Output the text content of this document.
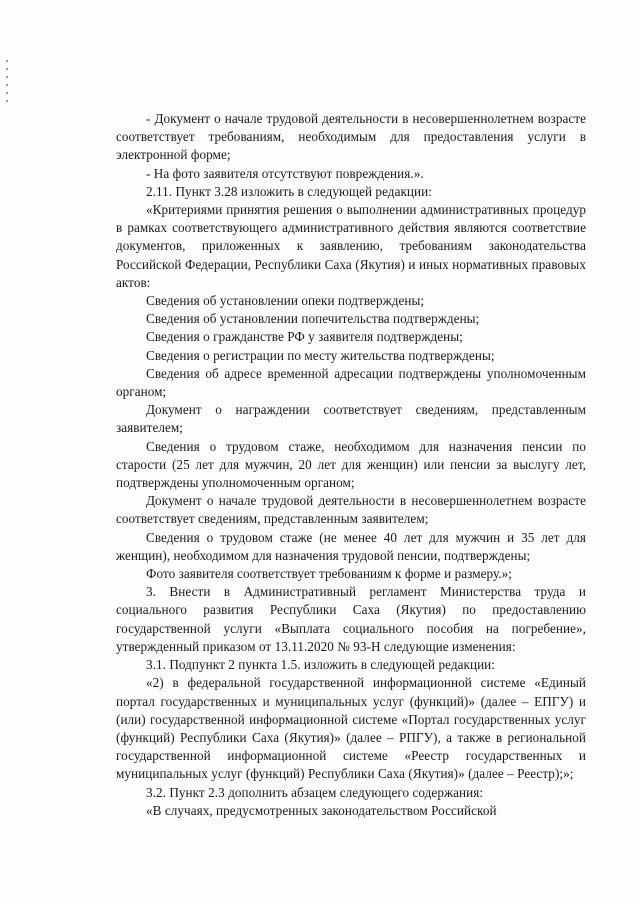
- Документ о начале трудовой деятельности в несовершеннолетнем возрасте соответствует требованиям, необходимым для предоставления услуги в электронной форме;

- На фото заявителя отсутствуют повреждения.».

2.11. Пункт 3.28 изложить в следующей редакции:

«Критериями принятия решения о выполнении административных процедур в рамках соответствующего административного действия являются соответствие документов, приложенных к заявлению, требованиям законодательства Российской Федерации, Республики Саха (Якутия) и иных нормативных правовых актов:

Сведения об установлении опеки подтверждены;

Сведения об установлении попечительства подтверждены;

Сведения о гражданстве РФ у заявителя подтверждены;

Сведения о регистрации по месту жительства подтверждены;

Сведения об адресе временной адресации подтверждены уполномоченным органом;

Документ о награждении соответствует сведениям, представленным заявителем;

Сведения о трудовом стаже, необходимом для назначения пенсии по старости (25 лет для мужчин, 20 лет для женщин) или пенсии за выслугу лет, подтверждены уполномоченным органом;

Документ о начале трудовой деятельности в несовершеннолетнем возрасте соответствует сведениям, представленным заявителем;

Сведения о трудовом стаже (не менее 40 лет для мужчин и 35 лет для женщин), необходимом для назначения трудовой пенсии, подтверждены;

Фото заявителя соответствует требованиям к форме и размеру.»;

3. Внести в Административный регламент Министерства труда и социального развития Республики Саха (Якутия) по предоставлению государственной услуги «Выплата социального пособия на погребение», утвержденный приказом от 13.11.2020 № 93-Н следующие изменения:

3.1. Подпункт 2 пункта 1.5. изложить в следующей редакции:

«2) в федеральной государственной информационной системе «Единый портал государственных и муниципальных услуг (функций)» (далее – ЕПГУ) и (или) государственной информационной системе «Портал государственных услуг (функций) Республики Саха (Якутия)» (далее – РПГУ), а также в региональной государственной информационной системе «Реестр государственных и муниципальных услуг (функций) Республики Саха (Якутия)» (далее – Реестр);»;

3.2. Пункт 2.3 дополнить абзацем следующего содержания:

«В случаях, предусмотренных законодательством Российской
